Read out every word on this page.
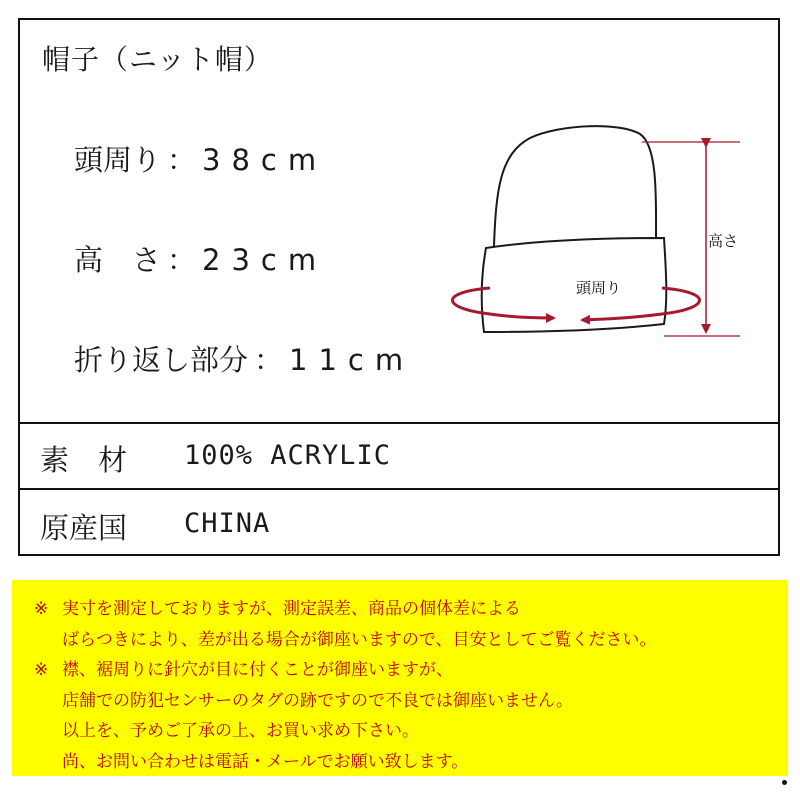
帽子（ニット帽）
頭周り ： 38cm
高　さ ： 23cm
折り返し部分 ： 11cm
高さ
頭周り
素　材 100% ACRYLIC
原産国 CHINA
※ 実寸を測定しておりますが、測定誤差、商品の個体差による
ばらつきにより、差が出る場合が御座いますので、目安としてご覧ください。
※ 襟、裾周りに針穴が目に付くことが御座いますが、
店舗での防犯センサーのタグの跡ですので不良では御座いません。
以上を、予めご了承の上、お買い求め下さい。
尚、お問い合わせは電話・メールでお願い致します。
